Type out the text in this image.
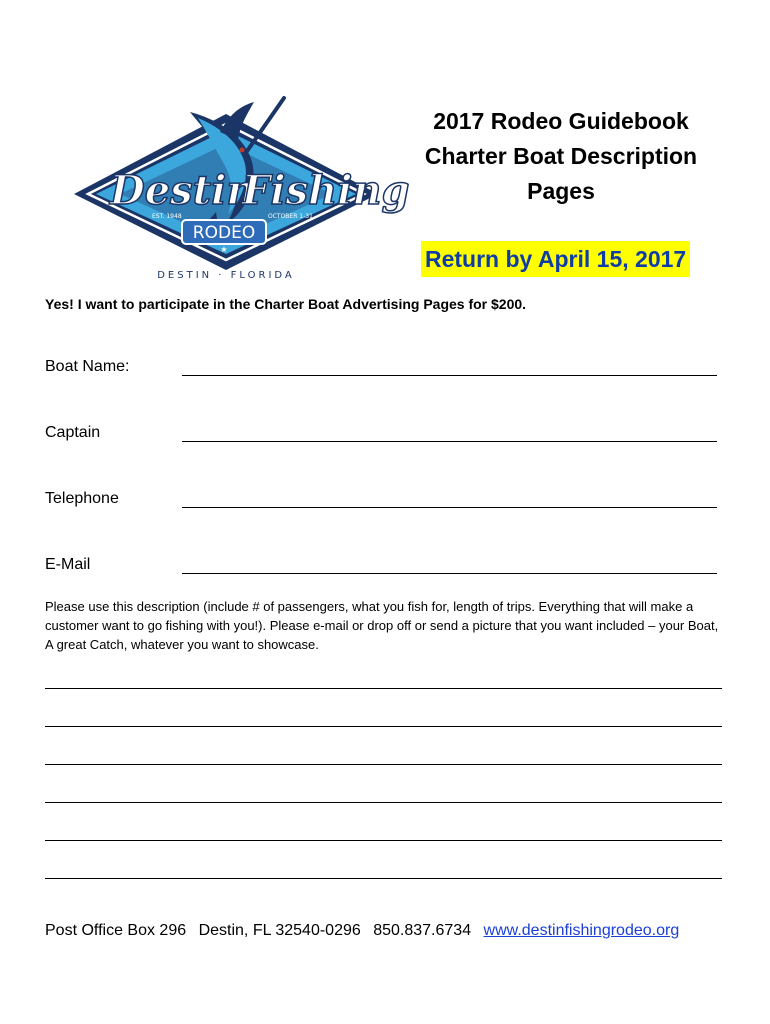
Destin
Fishing
EST. 1948	OCTOBER 1-31
RODEO
★
DESTIN · FLORIDA
2017 Rodeo Guidebook
Charter Boat Description
Pages
Return by April 15, 2017
Yes! I want to participate in the Charter Boat Advertising Pages for $200.
Boat Name:
Captain
Telephone
E-Mail
Please use this description (include # of passengers, what you fish for, length of trips. Everything that will make a customer want to go fishing with you!). Please e-mail or drop off or send a picture that you want included – your Boat, A great Catch, whatever you want to showcase.
Post Office Box 296 Destin, FL 32540-0296 850.837.6734 www.destinfishingrodeo.org
